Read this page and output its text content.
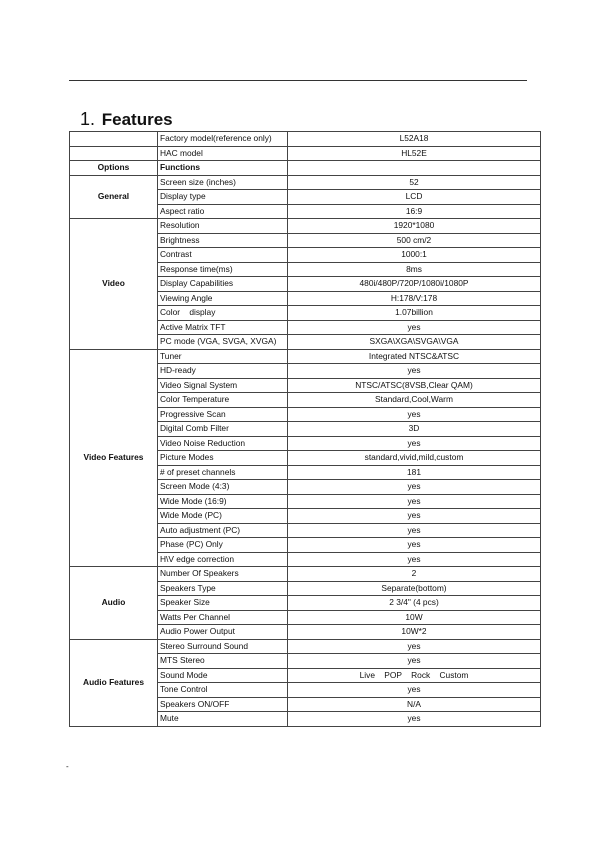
1. Features
	Factory model(reference only)	L52A18
	HAC model	HL52E
Options	Functions	
General	Screen size (inches)	52
	Display type	LCD
	Aspect ratio	16:9
Video	Resolution	1920*1080
	Brightness	500 cm/2
	Contrast	1000:1
	Response time(ms)	8ms
	Display Capabilities	480i/480P/720P/1080i/1080P
	Viewing Angle	H:178/V:178
	Color    display	1.07billion
	Active Matrix TFT	yes
	PC mode (VGA, SVGA, XVGA)	SXGA\XGA\SVGA\VGA
Video Features	Tuner	Integrated NTSC&ATSC
	HD-ready	yes
	Video Signal System	NTSC/ATSC(8VSB,Clear QAM)
	Color Temperature	Standard,Cool,Warm
	Progressive Scan	yes
	Digital Comb Filter	3D
	Video Noise Reduction	yes
	Picture Modes	standard,vivid,mild,custom
	# of preset channels	181
	Screen Mode (4:3)	yes
	Wide Mode (16:9)	yes
	Wide Mode (PC)	yes
	Auto adjustment (PC)	yes
	Phase (PC) Only	yes
	H\V edge correction	yes
Audio	Number Of Speakers	2
	Speakers Type	Separate(bottom)
	Speaker Size	2 3/4" (4 pcs)
	Watts Per Channel	10W
	Audio Power Output	10W*2
Audio Features	Stereo Surround Sound	yes
	MTS Stereo	yes
	Sound Mode	Live    POP    Rock    Custom
	Tone Control	yes
	Speakers ON/OFF	N/A
	Mute	yes
-
